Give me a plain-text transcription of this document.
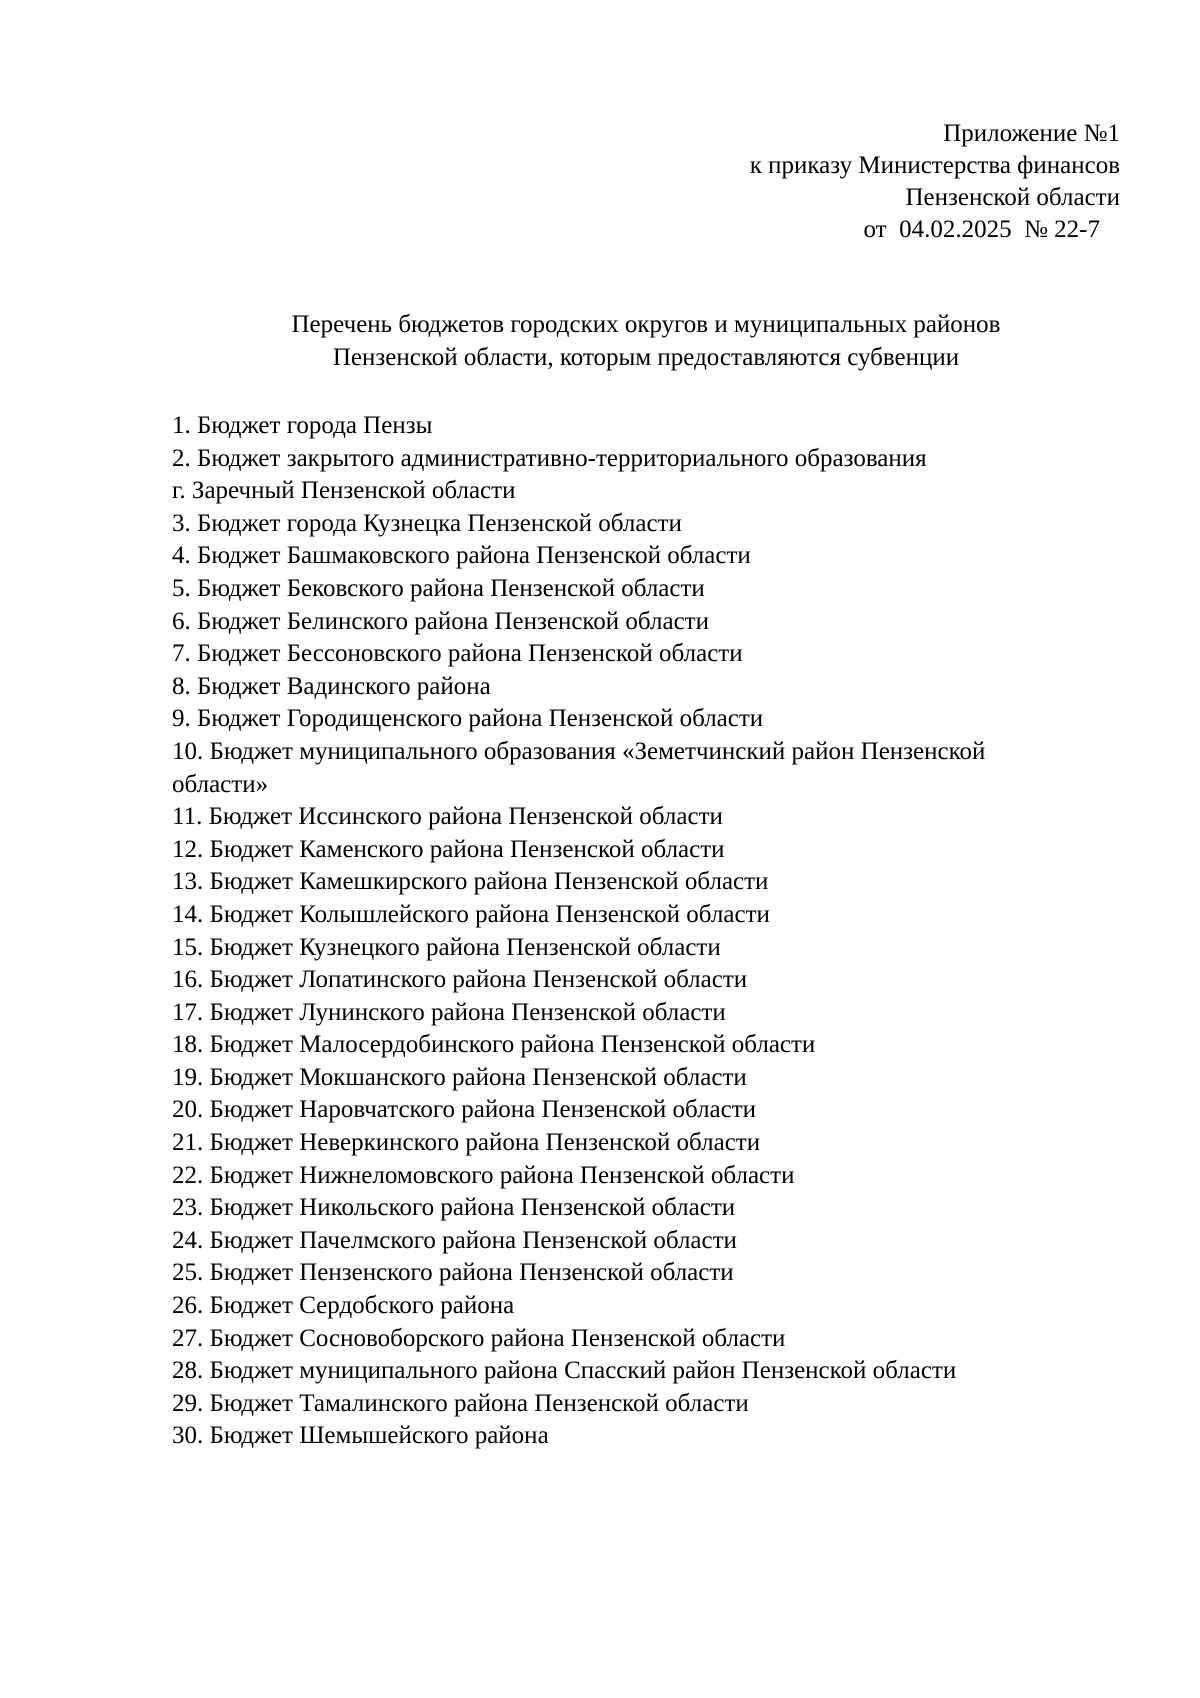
Приложение №1
к приказу Министерства финансов
Пензенской области
от  04.02.2025  № 22-7
Перечень бюджетов городских округов и муниципальных районов
Пензенской области, которым предоставляются субвенции
1. Бюджет города Пензы
2. Бюджет закрытого административно-территориального образования
г. Заречный Пензенской области
3. Бюджет города Кузнецка Пензенской области
4. Бюджет Башмаковского района Пензенской области
5. Бюджет Бековского района Пензенской области
6. Бюджет Белинского района Пензенской области
7. Бюджет Бессоновского района Пензенской области
8. Бюджет Вадинского района
9. Бюджет Городищенского района Пензенской области
10. Бюджет муниципального образования «Земетчинский район Пензенской
области»
11. Бюджет Иссинского района Пензенской области
12. Бюджет Каменского района Пензенской области
13. Бюджет Камешкирского района Пензенской области
14. Бюджет Колышлейского района Пензенской области
15. Бюджет Кузнецкого района Пензенской области
16. Бюджет Лопатинского района Пензенской области
17. Бюджет Лунинского района Пензенской области
18. Бюджет Малосердобинского района Пензенской области
19. Бюджет Мокшанского района Пензенской области
20. Бюджет Наровчатского района Пензенской области
21. Бюджет Неверкинского района Пензенской области
22. Бюджет Нижнеломовского района Пензенской области
23. Бюджет Никольского района Пензенской области
24. Бюджет Пачелмского района Пензенской области
25. Бюджет Пензенского района Пензенской области
26. Бюджет Сердобского района
27. Бюджет Сосновоборского района Пензенской области
28. Бюджет муниципального района Спасский район Пензенской области
29. Бюджет Тамалинского района Пензенской области
30. Бюджет Шемышейского района
